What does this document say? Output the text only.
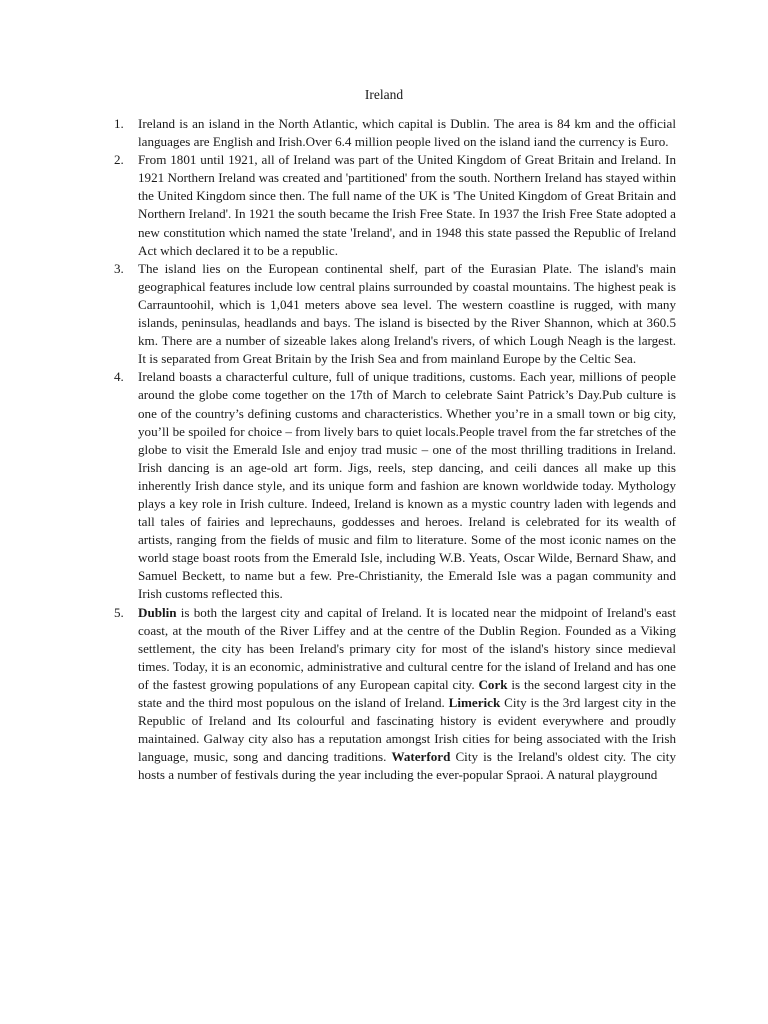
Ireland
1. Ireland is an island in the North Atlantic, which capital is Dublin. The area is 84 km and the official languages are English and Irish.Over 6.4 million people lived on the island iand the currency is Euro.
2. From 1801 until 1921, all of Ireland was part of the United Kingdom of Great Britain and Ireland. In 1921 Northern Ireland was created and 'partitioned' from the south. Northern Ireland has stayed within the United Kingdom since then. The full name of the UK is 'The United Kingdom of Great Britain and Northern Ireland'. In 1921 the south became the Irish Free State. In 1937 the Irish Free State adopted a new constitution which named the state 'Ireland', and in 1948 this state passed the Republic of Ireland Act which declared it to be a republic.
3. The island lies on the European continental shelf, part of the Eurasian Plate. The island's main geographical features include low central plains surrounded by coastal mountains. The highest peak is Carrauntoohil, which is 1,041 meters above sea level. The western coastline is rugged, with many islands, peninsulas, headlands and bays. The island is bisected by the River Shannon, which at 360.5 km. There are a number of sizeable lakes along Ireland's rivers, of which Lough Neagh is the largest. It is separated from Great Britain by the Irish Sea and from mainland Europe by the Celtic Sea.
4. Ireland boasts a characterful culture, full of unique traditions, customs. Each year, millions of people around the globe come together on the 17th of March to celebrate Saint Patrick’s Day.Pub culture is one of the country’s defining customs and characteristics. Whether you’re in a small town or big city, you’ll be spoiled for choice – from lively bars to quiet locals.People travel from the far stretches of the globe to visit the Emerald Isle and enjoy trad music – one of the most thrilling traditions in Ireland. Irish dancing is an age-old art form. Jigs, reels, step dancing, and ceili dances all make up this inherently Irish dance style, and its unique form and fashion are known worldwide today. Mythology plays a key role in Irish culture. Indeed, Ireland is known as a mystic country laden with legends and tall tales of fairies and leprechauns, goddesses and heroes. Ireland is celebrated for its wealth of artists, ranging from the fields of music and film to literature. Some of the most iconic names on the world stage boast roots from the Emerald Isle, including W.B. Yeats, Oscar Wilde, Bernard Shaw, and Samuel Beckett, to name but a few. Pre-Christianity, the Emerald Isle was a pagan community and Irish customs reflected this.
5. Dublin is both the largest city and capital of Ireland. It is located near the midpoint of Ireland's east coast, at the mouth of the River Liffey and at the centre of the Dublin Region. Founded as a Viking settlement, the city has been Ireland's primary city for most of the island's history since medieval times. Today, it is an economic, administrative and cultural centre for the island of Ireland and has one of the fastest growing populations of any European capital city. Cork is the second largest city in the state and the third most populous on the island of Ireland. Limerick City is the 3rd largest city in the Republic of Ireland and Its colourful and fascinating history is evident everywhere and proudly maintained. Galway city also has a reputation amongst Irish cities for being associated with the Irish language, music, song and dancing traditions. Waterford City is the Ireland's oldest city. The city hosts a number of festivals during the year including the ever-popular Spraoi. A natural playground
